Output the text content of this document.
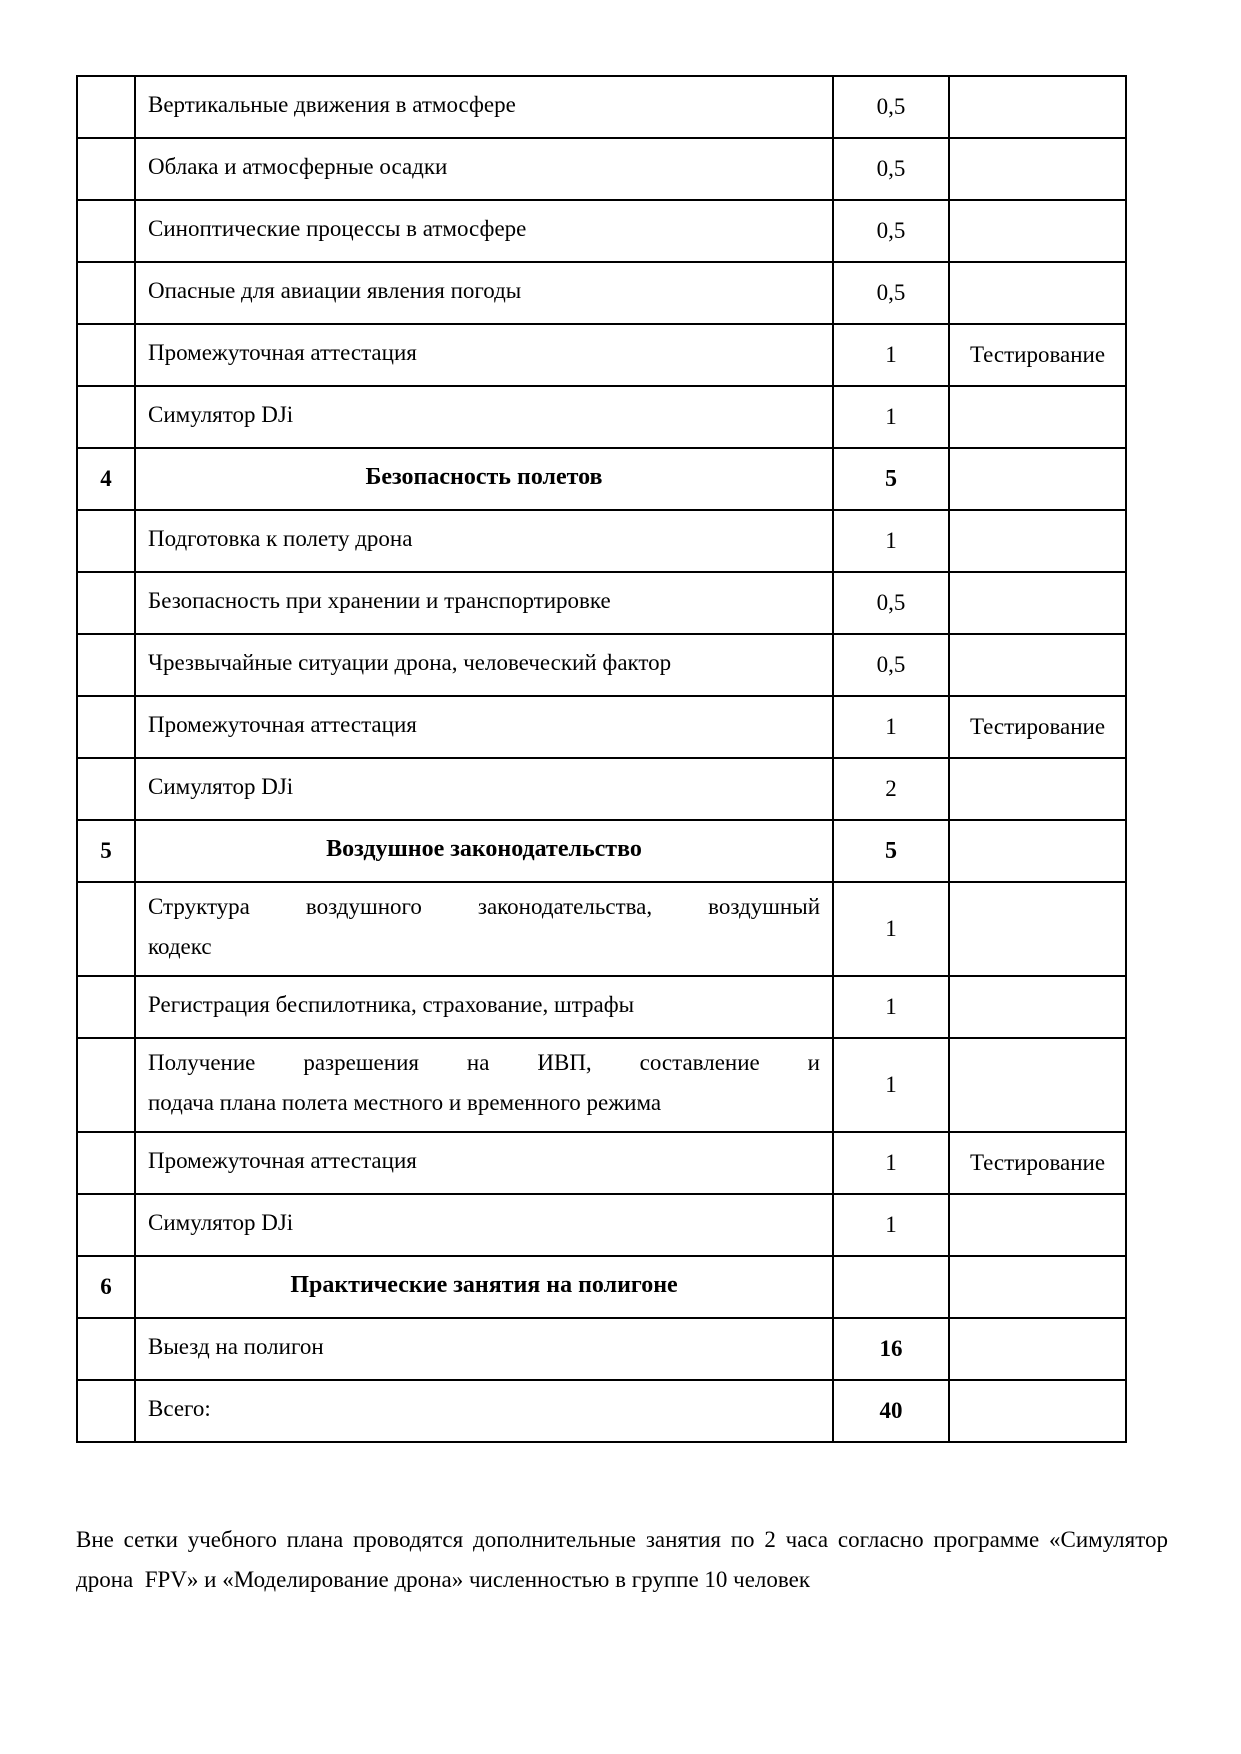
	Вертикальные движения в атмосфере	0,5	
	Облака и атмосферные осадки	0,5	
	Синоптические процессы в атмосфере	0,5	
	Опасные для авиации явления погоды	0,5	
	Промежуточная аттестация	1	Тестирование
	Симулятор DJi	1	
4	Безопасность полетов	5	
	Подготовка к полету дрона	1	
	Безопасность при хранении и транспортировке	0,5	
	Чрезвычайные ситуации дрона, человеческий фактор	0,5	
	Промежуточная аттестация	1	Тестирование
	Симулятор DJi	2	
5	Воздушное законодательство	5	

	Структура воздушного законодательства, воздушный
кодекс	1	
	Регистрация беспилотника, страхование, штрафы	1	

	Получение разрешения на ИВП, составление и
подача плана полета местного и временного режима	1	
	Промежуточная аттестация	1	Тестирование
	Симулятор DJi	1	
6	Практические занятия на полигоне		
	Выезд на полигон	16	
	Всего:	40	
Вне сетки учебного плана проводятся дополнительные занятия по 2 часа согласно программе «Симулятор
дрона  FPV» и «Моделирование дрона» численностью в группе 10 человек
